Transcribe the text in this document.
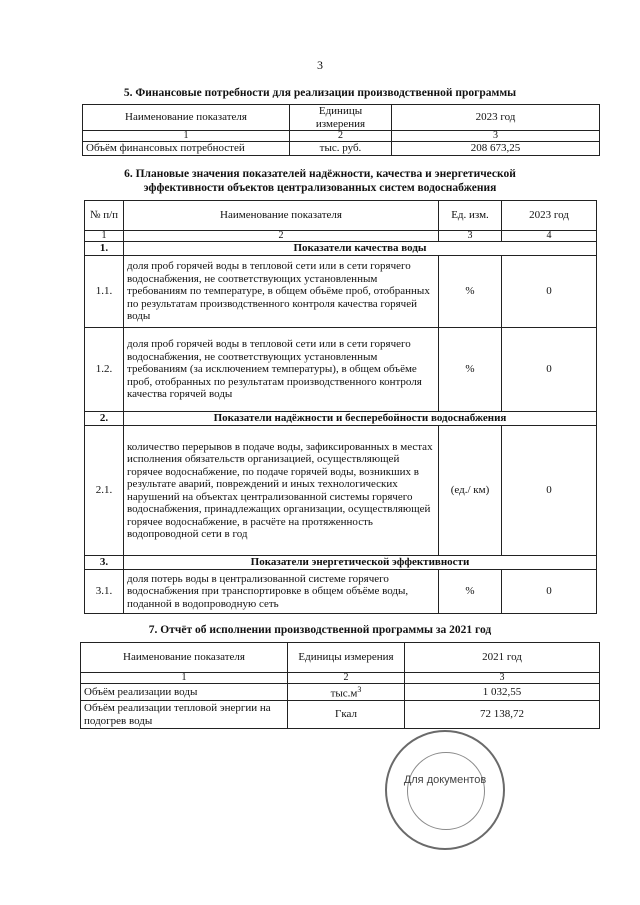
3
5. Финансовые потребности для реализации производственной программы
Наименование показателя	Единицы измерения	2023 год
1	2	3
Объём финансовых потребностей	тыс. руб.	208 673,25
6. Плановые значения показателей надёжности, качества и энергетической
эффективности объектов централизованных систем водоснабжения
№ п/п	Наименование показателя	Ед. изм.	2023 год
1	2	3	4
1.	Показатели качества воды		
1.1.	доля проб горячей воды в тепловой сети или в сети горячего водоснабжения, не соответствующих установленным требованиям по температуре, в общем объёме проб, отобранных по результатам производственного контроля качества горячей воды	%	0
1.2.	доля проб горячей воды в тепловой сети или в сети горячего водоснабжения, не соответствующих установленным требованиям (за исключением температуры), в общем объёме проб, отобранных по результатам производственного контроля качества горячей воды	%	0
2.	Показатели надёжности и бесперебойности водоснабжения		
2.1.	количество перерывов в подаче воды, зафиксированных в местах исполнения обязательств организацией, осуществляющей горячее водоснабжение, по подаче горячей воды, возникших в результате аварий, повреждений и иных технологических нарушений на объектах централизованной системы горячего водоснабжения, принадлежащих организации, осуществляющей горячее водоснабжение, в расчёте на протяженность водопроводной сети в год	(ед./ км)	0
3.	Показатели энергетической эффективности		
3.1.	доля потерь воды в централизованной системе горячего водоснабжения при транспортировке в общем объёме воды, поданной в водопроводную сеть	%	0
7. Отчёт об исполнении производственной программы за 2021 год
Наименование показателя	Единицы измерения	2021 год
1	2	3
Объём реализации воды	$тыс.м^3$	1 032,55
Объём реализации тепловой энергии на подогрев воды	Гкал	72 138,72
Для документов
